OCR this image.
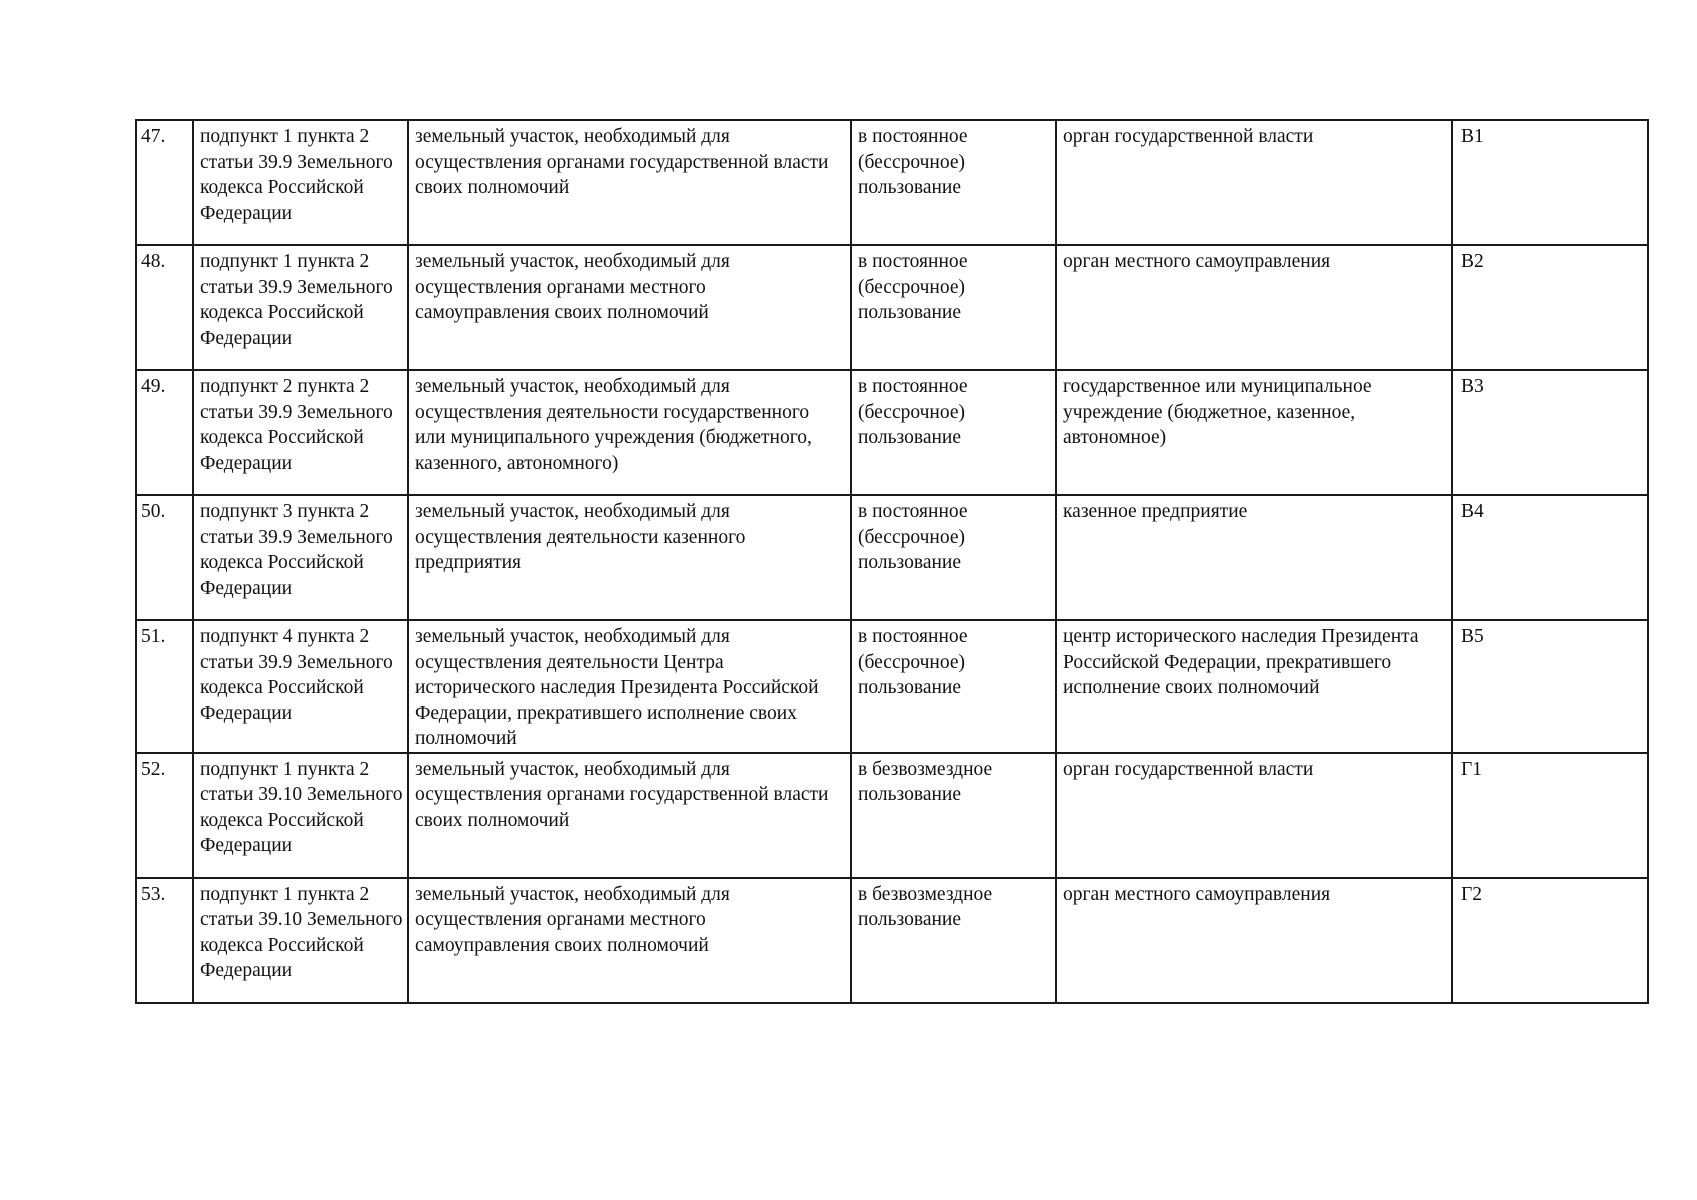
47.	подпункт 1 пункта 2 статьи 39.9 Земельного кодекса Российской Федерации	земельный участок, необходимый для осуществления органами государственной власти своих полномочий	в постоянное (бессрочное) пользование	орган государственной власти	В1
48.	подпункт 1 пункта 2 статьи 39.9 Земельного кодекса Российской Федерации	земельный участок, необходимый для осуществления органами местного самоуправления своих полномочий	в постоянное (бессрочное) пользование	орган местного самоуправления	В2
49.	подпункт 2 пункта 2 статьи 39.9 Земельного кодекса Российской Федерации	земельный участок, необходимый для осуществления деятельности государственного или муниципального учреждения (бюджетного, казенного, автономного)	в постоянное (бессрочное) пользование	государственное или муниципальное учреждение (бюджетное, казенное, автономное)	В3
50.	подпункт 3 пункта 2 статьи 39.9 Земельного кодекса Российской Федерации	земельный участок, необходимый для осуществления деятельности казенного предприятия	в постоянное (бессрочное) пользование	казенное предприятие	В4
51.	подпункт 4 пункта 2 статьи 39.9 Земельного кодекса Российской Федерации	земельный участок, необходимый для осуществления деятельности Центра исторического наследия Президента Российской Федерации, прекратившего исполнение своих полномочий	в постоянное (бессрочное) пользование	центр исторического наследия Президента Российской Федерации, прекратившего исполнение своих полномочий	В5
52.	подпункт 1 пункта 2 статьи 39.10 Земельного кодекса Российской Федерации	земельный участок, необходимый для осуществления органами государственной власти своих полномочий	в безвозмездное пользование	орган государственной власти	Г1
53.	подпункт 1 пункта 2 статьи 39.10 Земельного кодекса Российской Федерации	земельный участок, необходимый для осуществления органами местного самоуправления своих полномочий	в безвозмездное пользование	орган местного самоуправления	Г2
